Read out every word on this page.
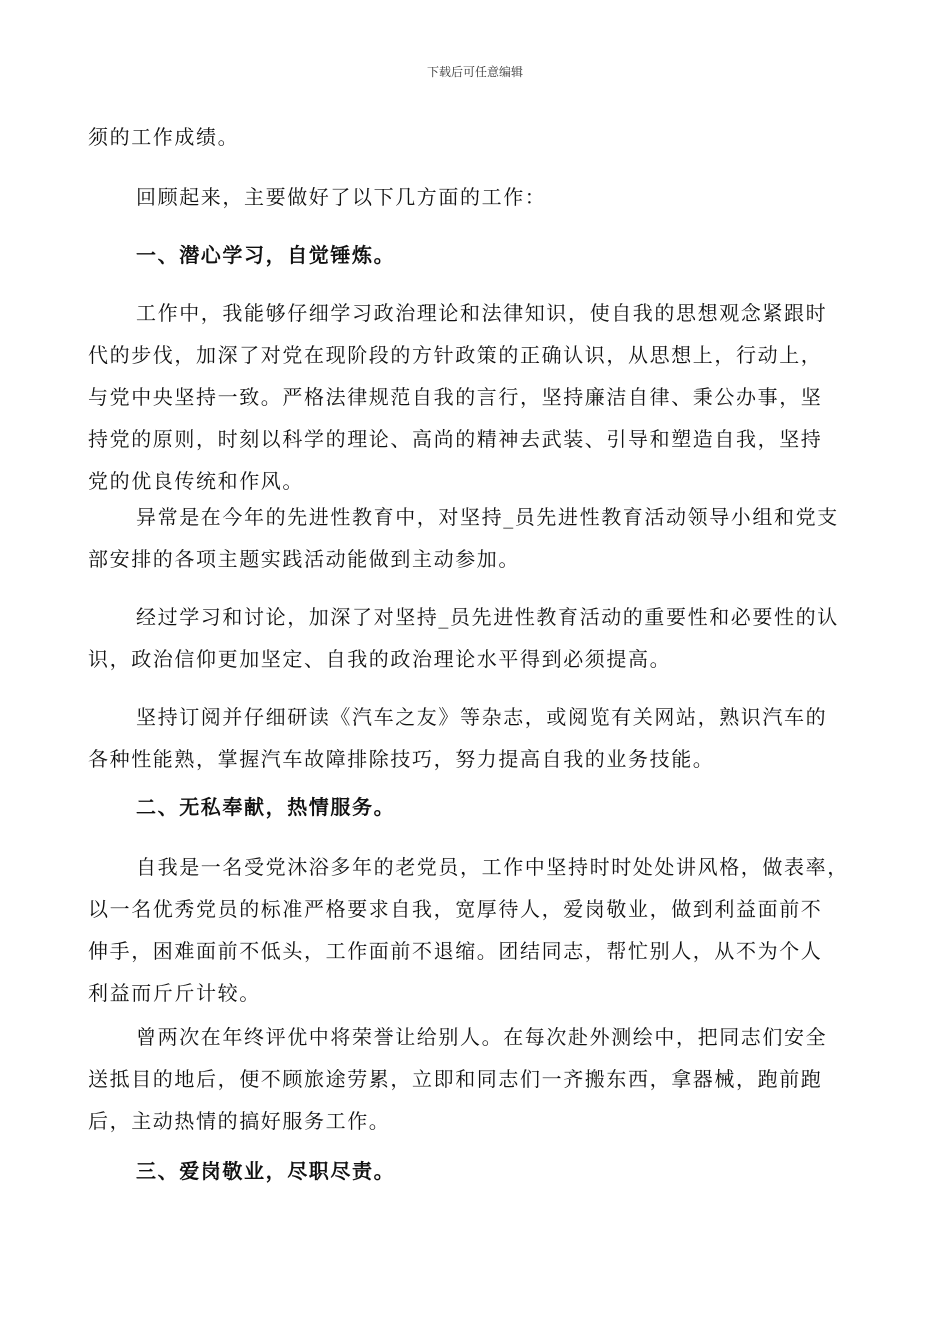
下载后可任意编辑
须的工作成绩。
回顾起来，主要做好了以下几方面的工作：
一、潜心学习，自觉锤炼。
工作中，我能够仔细学习政治理论和法律知识，使自我的思想观念紧跟时
代的步伐，加深了对党在现阶段的方针政策的正确认识，从思想上，行动上，
与党中央坚持一致。严格法律规范自我的言行，坚持廉洁自律、秉公办事，坚
持党的原则，时刻以科学的理论、高尚的精神去武装、引导和塑造自我，坚持
党的优良传统和作风。
异常是在今年的先进性教育中，对坚持_员先进性教育活动领导小组和党支
部安排的各项主题实践活动能做到主动参加。
经过学习和讨论，加深了对坚持_员先进性教育活动的重要性和必要性的认
识，政治信仰更加坚定、自我的政治理论水平得到必须提高。
坚持订阅并仔细研读《汽车之友》等杂志，或阅览有关网站，熟识汽车的
各种性能熟，掌握汽车故障排除技巧，努力提高自我的业务技能。
二、无私奉献，热情服务。
自我是一名受党沐浴多年的老党员，工作中坚持时时处处讲风格，做表率，
以一名优秀党员的标准严格要求自我，宽厚待人，爱岗敬业，做到利益面前不
伸手，困难面前不低头，工作面前不退缩。团结同志，帮忙别人，从不为个人
利益而斤斤计较。
曾两次在年终评优中将荣誉让给别人。在每次赴外测绘中，把同志们安全
送抵目的地后，便不顾旅途劳累，立即和同志们一齐搬东西，拿器械，跑前跑
后，主动热情的搞好服务工作。
三、爱岗敬业，尽职尽责。
